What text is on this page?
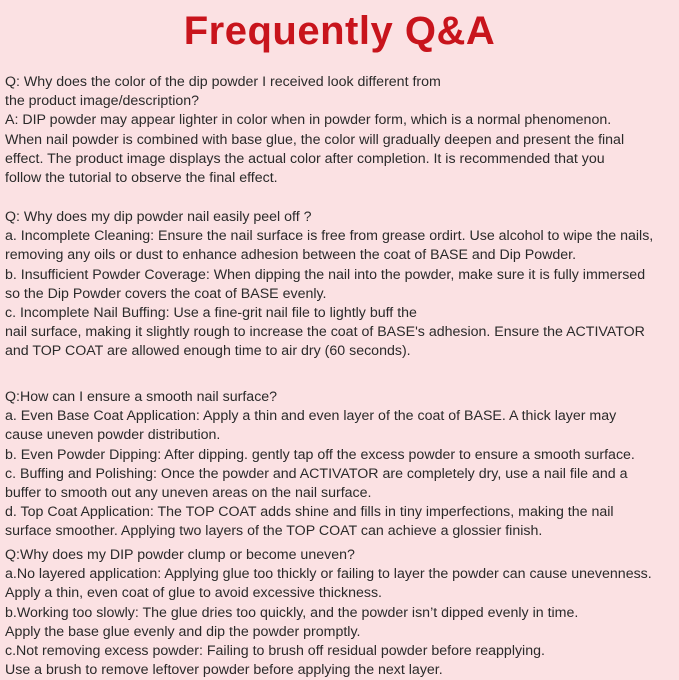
Frequently Q&A
Q: Why does the color of the dip powder I received look different from
the product image/description?
A: DIP powder may appear lighter in color when in powder form, which is a normal phenomenon.
When nail powder is combined with base glue, the color will gradually deepen and present the final
effect. The product image displays the actual color after completion. It is recommended that you
follow the tutorial to observe the final effect.
Q: Why does my dip powder nail easily peel off ?
a. Incomplete Cleaning: Ensure the nail surface is free from grease ordirt. Use alcohol to wipe the nails,
removing any oils or dust to enhance adhesion between the coat of BASE and Dip Powder.
b. Insufficient Powder Coverage: When dipping the nail into the powder, make sure it is fully immersed
so the Dip Powder covers the coat of BASE evenly.
c. Incomplete Nail Buffing: Use a fine-grit nail file to lightly buff the
nail surface, making it slightly rough to increase the coat of BASE's adhesion. Ensure the ACTIVATOR
and TOP COAT are allowed enough time to air dry (60 seconds).
Q:How can I ensure a smooth nail surface?
a. Even Base Coat Application: Apply a thin and even layer of the coat of BASE. A thick layer may
cause uneven powder distribution.
b. Even Powder Dipping: After dipping. gently tap off the excess powder to ensure a smooth surface.
c. Buffing and Polishing: Once the powder and ACTIVATOR are completely dry, use a nail file and a
buffer to smooth out any uneven areas on the nail surface.
d. Top Coat Application: The TOP COAT adds shine and fills in tiny imperfections, making the nail
surface smoother. Applying two layers of the TOP COAT can achieve a glossier finish.
Q:Why does my DIP powder clump or become uneven?
a.No layered application: Applying glue too thickly or failing to layer the powder can cause unevenness.
Apply a thin, even coat of glue to avoid excessive thickness.
b.Working too slowly: The glue dries too quickly, and the powder isn’t dipped evenly in time.
Apply the base glue evenly and dip the powder promptly.
c.Not removing excess powder: Failing to brush off residual powder before reapplying.
Use a brush to remove leftover powder before applying the next layer.
